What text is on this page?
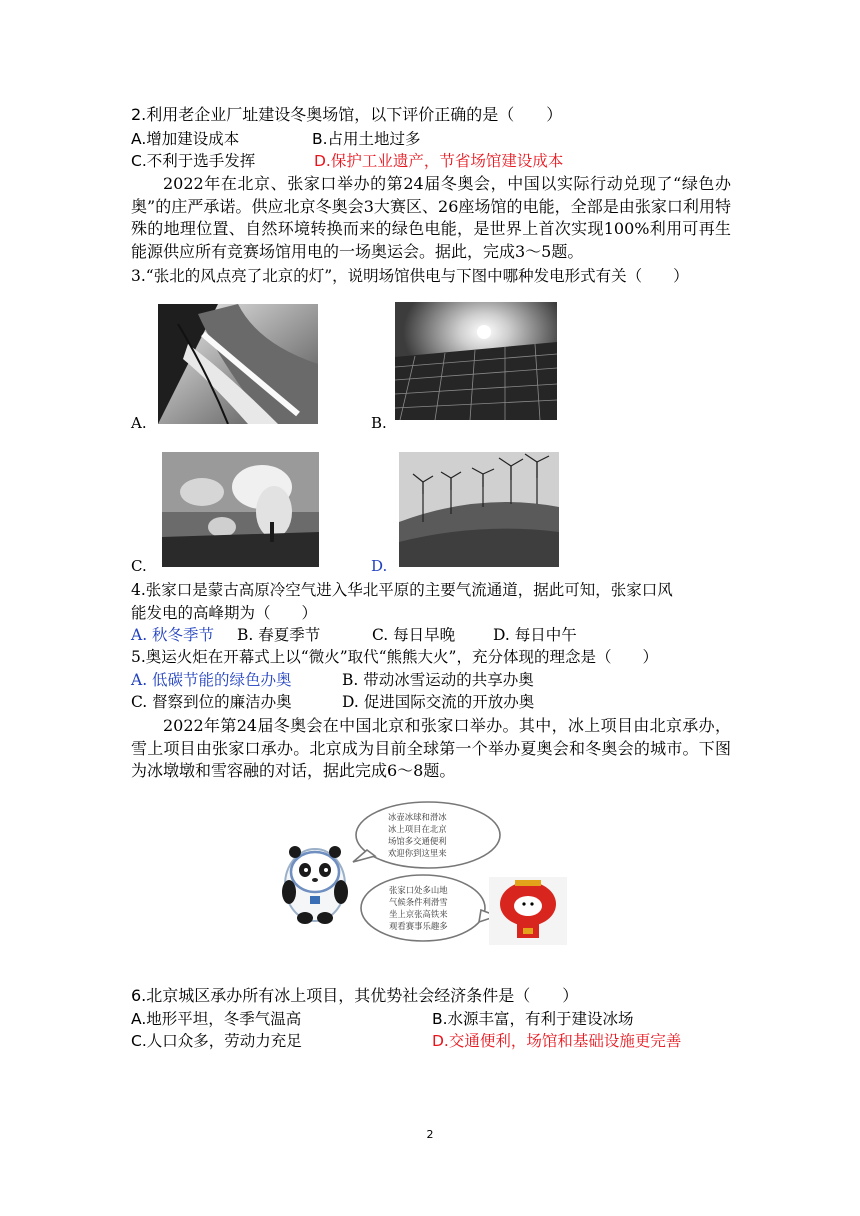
2.利用老企业厂址建设冬奥场馆，以下评价正确的是（　　）
A.增加建设成本	B.占用土地过多
C.不利于选手发挥	D.保护工业遗产，节省场馆建设成本
2022年在北京、张家口举办的第24届冬奥会，中国以实际行动兑现了“绿色办奥”的庄严承诺。供应北京冬奥会3大赛区、26座场馆的电能，全部是由张家口利用特殊的地理位置、自然环境转换而来的绿色电能，是世界上首次实现100%利用可再生能源供应所有竞赛场馆用电的一场奥运会。据此，完成3～5题。
3.“张北的风点亮了北京的灯”，说明场馆供电与下图中哪种发电形式有关（　　）
A.	B.
C.	D.
4.张家口是蒙古高原冷空气进入华北平原的主要气流通道，据此可知，张家口风
能发电的高峰期为（　　）
A. 秋冬季节 B. 春夏季节	C. 每日早晚 D. 每日中午
5.奥运火炬在开幕式上以“微火”取代“熊熊大火”，充分体现的理念是（　　）
A. 低碳节能的绿色办奥	B. 带动冰雪运动的共享办奥
C. 督察到位的廉洁办奥	D. 促进国际交流的开放办奥
2022年第24届冬奥会在中国北京和张家口举办。其中，冰上项目由北京承办，雪上项目由张家口承办。北京成为目前全球第一个举办夏奥会和冬奥会的城市。下图为冰墩墩和雪容融的对话，据此完成6～8题。
冰壶冰球和滑冰
冰上项目在北京
场馆多交通便利
欢迎你到这里来
张家口处多山地
气候条件利滑雪
坐上京张高铁来
观看赛事乐趣多
6.北京城区承办所有冰上项目，其优势社会经济条件是（　　）
A.地形平坦，冬季气温高	B.水源丰富，有利于建设冰场
C.人口众多，劳动力充足	D.交通便利，场馆和基础设施更完善
2
